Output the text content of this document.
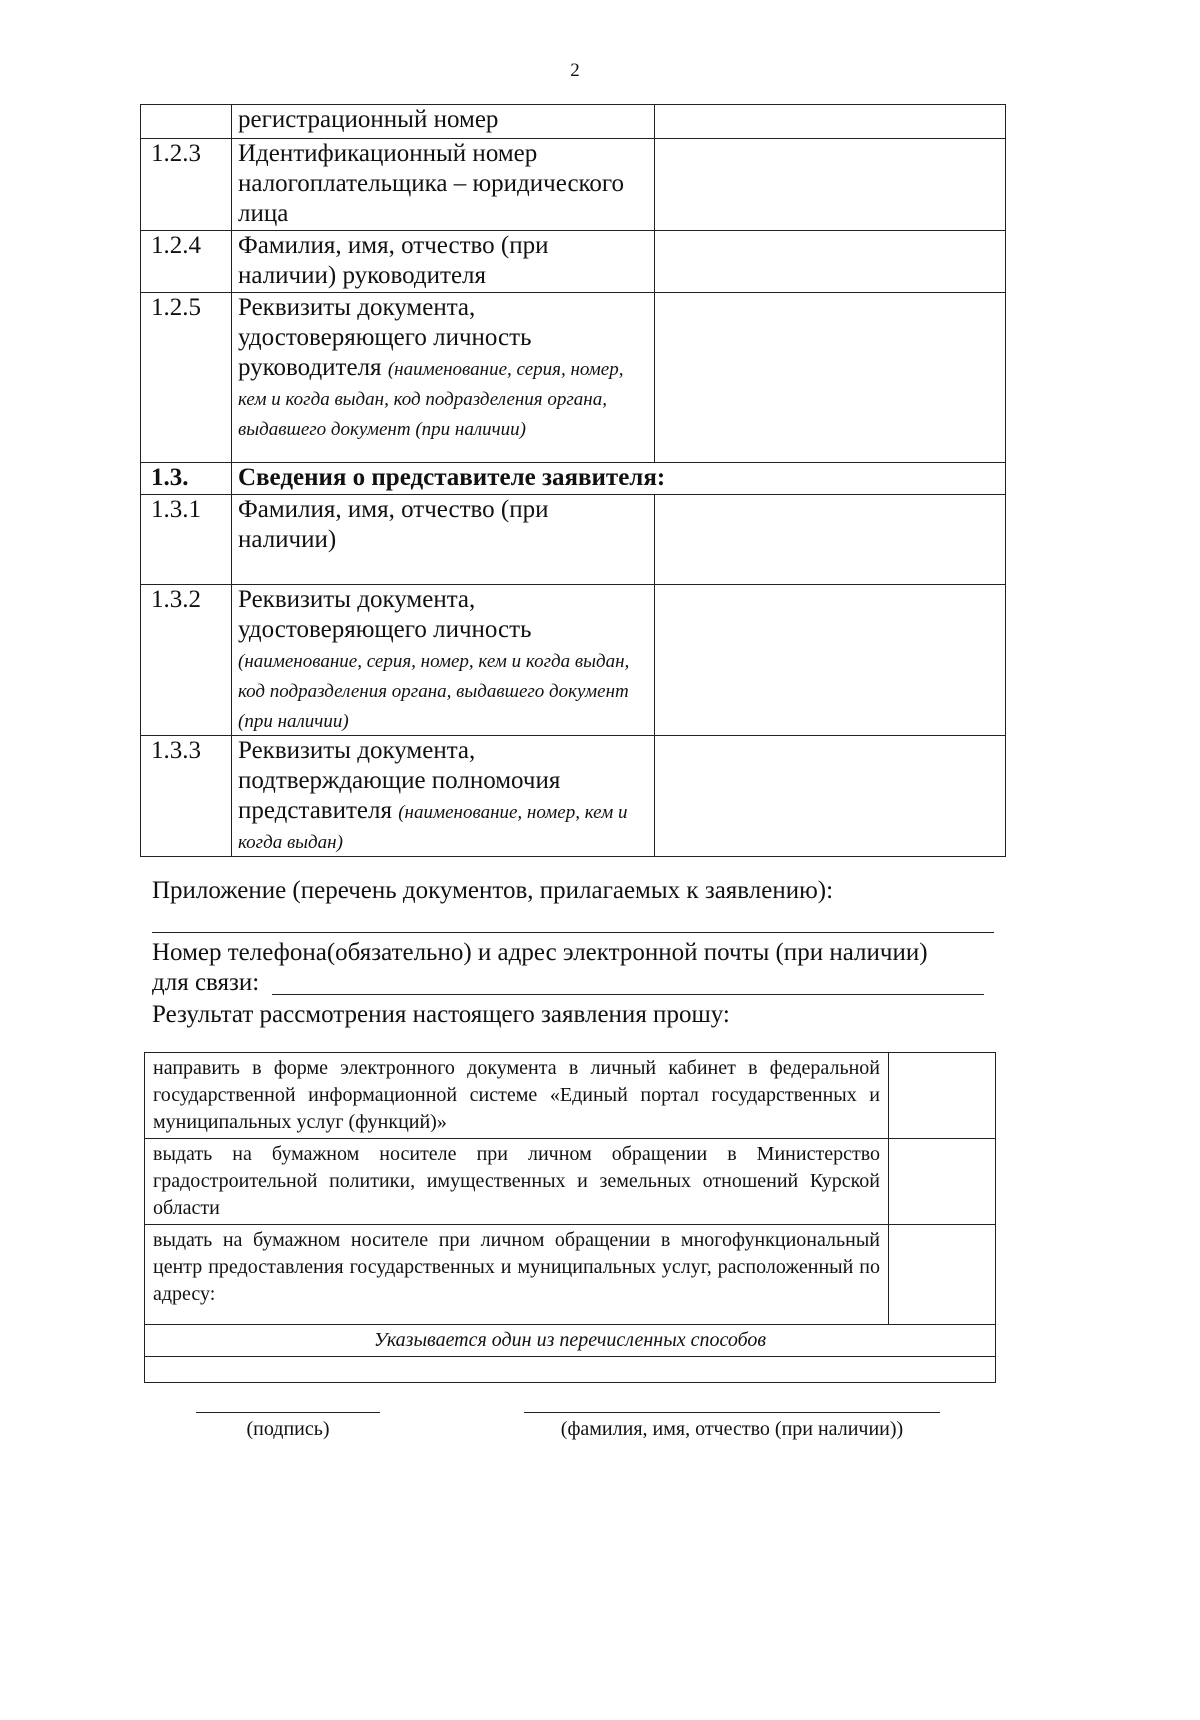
2
	регистрационный номер	
1.2.3	Идентификационный номер налогоплательщика – юридического лица	
1.2.4	Фамилия, имя, отчество (при наличии) руководителя	
1.2.5	Реквизиты документа, удостоверяющего личность руководителя (наименование, серия, номер, кем и когда выдан, код подразделения органа, выдавшего документ (при наличии)	
1.3.	Сведения о представителе заявителя:	
1.3.1	Фамилия, имя, отчество (при наличии)	
1.3.2	Реквизиты документа, удостоверяющего личность (наименование, серия, номер, кем и когда выдан, код подразделения органа, выдавшего документ (при наличии)	
1.3.3	Реквизиты документа, подтверждающие полномочия представителя (наименование, номер, кем и когда выдан)	
Приложение (перечень документов, прилагаемых к заявлению):
Номер телефона(обязательно) и адрес электронной почты (при наличии)
для связи:
Результат рассмотрения настоящего заявления прошу:
направить в форме электронного документа в личный кабинет в федеральной государственной информационной системе «Единый портал государственных и муниципальных услуг (функций)»	
выдать на бумажном носителе при личном обращении в Министерство градостроительной политики, имущественных и земельных отношений Курской области	
выдать на бумажном носителе при личном обращении в многофункциональный центр предоставления государственных и муниципальных услуг, расположенный по адресу:	
Указывается один из перечисленных способов	

(подпись)	(фамилия, имя, отчество (при наличии))
